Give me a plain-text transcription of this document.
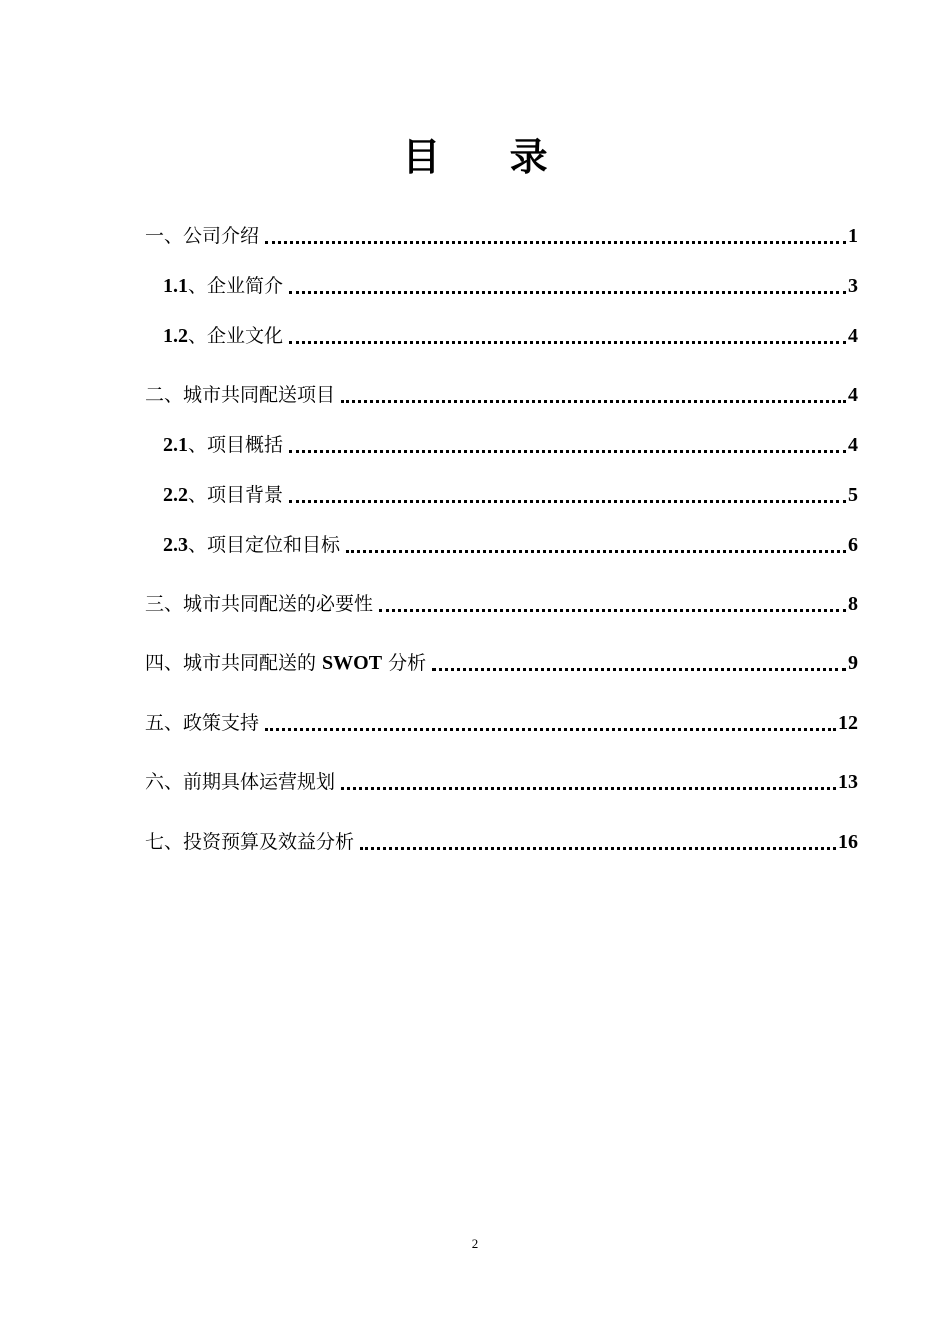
目 录
一、公司介绍	1
1.1、企业简介	3
1.2、企业文化	4
二、城市共同配送项目	4
2.1、项目概括	4
2.2、项目背景	5
2.3、项目定位和目标	6
三、城市共同配送的必要性	8
四、城市共同配送的 SWOT 分析	9
五、政策支持	12
六、前期具体运营规划	13
七、投资预算及效益分析	16
2
